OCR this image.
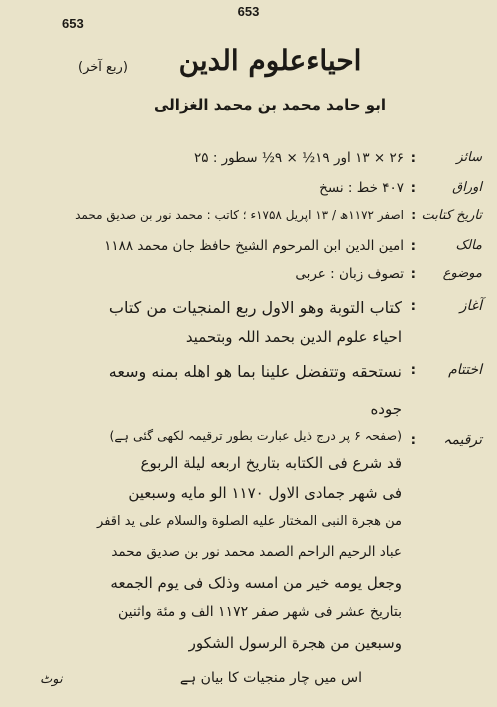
653
653
احیاءعلوم الدین
(ربع آخر)
ابو حامد محمد بن محمد الغزالی
سائز
:
۲۶ × ۱۳ اور ۱۹½ × ۹½ سطور : ۲۵
اوراق
:
۴۰۷ خط : نسخ
تاریخ کتابت
:
اصفر ۱۱۷۲ھ / ۱۳ اپریل ۱۷۵۸ء ؛ کاتب : محمد نور بن صدیق محمد
مالک
:
امین الدین ابن المرحوم الشیخ حافظ جان محمد ۱۱۸۸
موضوع
:
تصوف زبان : عربی
آغاز
:
کتاب التوبة وھو الاول ربع المنجیات من کتاب
احیاء علوم الدین بحمد اللہ وبتحمید
اختتام
:
نستحقه وتتفضل علینا بما هو اهله بمنه وسعه
جوده
ترقیمہ
:
(صفحہ ۶ پر درج ذیل عبارت بطور ترقیمہ لکھی گئی ہے)
قد شرع فی الکتابه بتاریخ اربعه لیلة الربوع
فی شهر جمادی الاول ۱۱۷۰ الو مایه وسبعین
من هجرة النبی المختار علیه الصلوة والسلام علی ید اقفر
عباد الرحیم الراحم الصمد محمد نور بن صدیق محمد
وجعل یومه خیر من امسه وذلک فی یوم الجمعه
بتاریخ عشر فی شهر صفر ۱۱۷۲ الف و مئة واثنین
وسبعین من هجرة الرسول الشکور
اس میں چار منجیات کا بیان ہے
نوٹ
